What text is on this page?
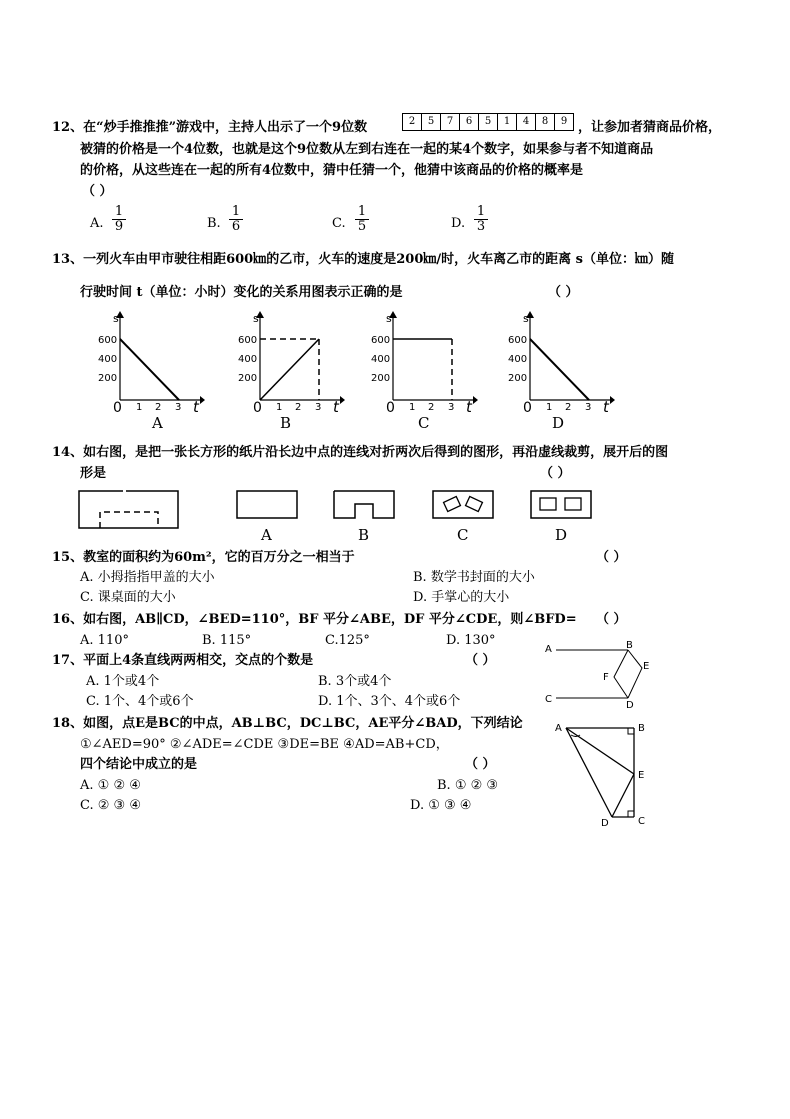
12、在“炒手推推推”游戏中，主持人出示了一个9位数	2	5	7	6	5	1	4	8	9 ，让参加者猜商品价格，
被猜的价格是一个4位数，也就是这个9位数从左到右连在一起的某4个数字，如果参与者不知道商品
的价格，从这些连在一起的所有4位数中，猜中任猜一个，他猜中该商品的价格的概率是
（ ）
A. $\frac{1}{9}$	B. $\frac{1}{6}$	C. $\frac{1}{5}$	D. $\frac{1}{3}$
13、一列火车由甲市驶往相距600㎞的乙市，火车的速度是200㎞/时，火车离乙市的距离 s（单位：㎞）随
行驶时间 t（单位：小时）变化的关系用图表示正确的是	（ ）
s
t
0
600
400
200
1 2 3
A
s
t
0
600
400
200
1 2 3
B
s
t
0
600
400
200
1 2 3
C
s
t
0
600
400
200
1 2 3
D
14、如右图，是把一张长方形的纸片沿长边中点的连线对折两次后得到的图形，再沿虚线裁剪，展开后的图
形是	（ ）
A	B	C	D
15、教室的面积约为60m²，它的百万分之一相当于	（ ）
A. 小拇指指甲盖的大小	B. 数学书封面的大小
C. 课桌面的大小	D. 手掌心的大小
16、如右图，AB∥CD，∠BED=110°，BF 平分∠ABE，DF 平分∠CDE，则∠BFD= （ ）
A. 110°	B. 115°	C.125°	D. 130°
A	B
C
D
E
F
17、平面上4条直线两两相交，交点的个数是	（ ）
A. 1个或4个	B. 3个或4个
C. 1个、4个或6个	D. 1个、3个、4个或6个
18、如图，点E是BC的中点，AB⊥BC，DC⊥BC，AE平分∠BAD，下列结论
①∠AED=90° ②∠ADE=∠CDE ③DE=BE ④AD=AB+CD，
四个结论中成立的是	（ ）
A. ① ② ④	B. ① ② ③
C. ② ③ ④	D. ① ③ ④
A	B
C
D
E
